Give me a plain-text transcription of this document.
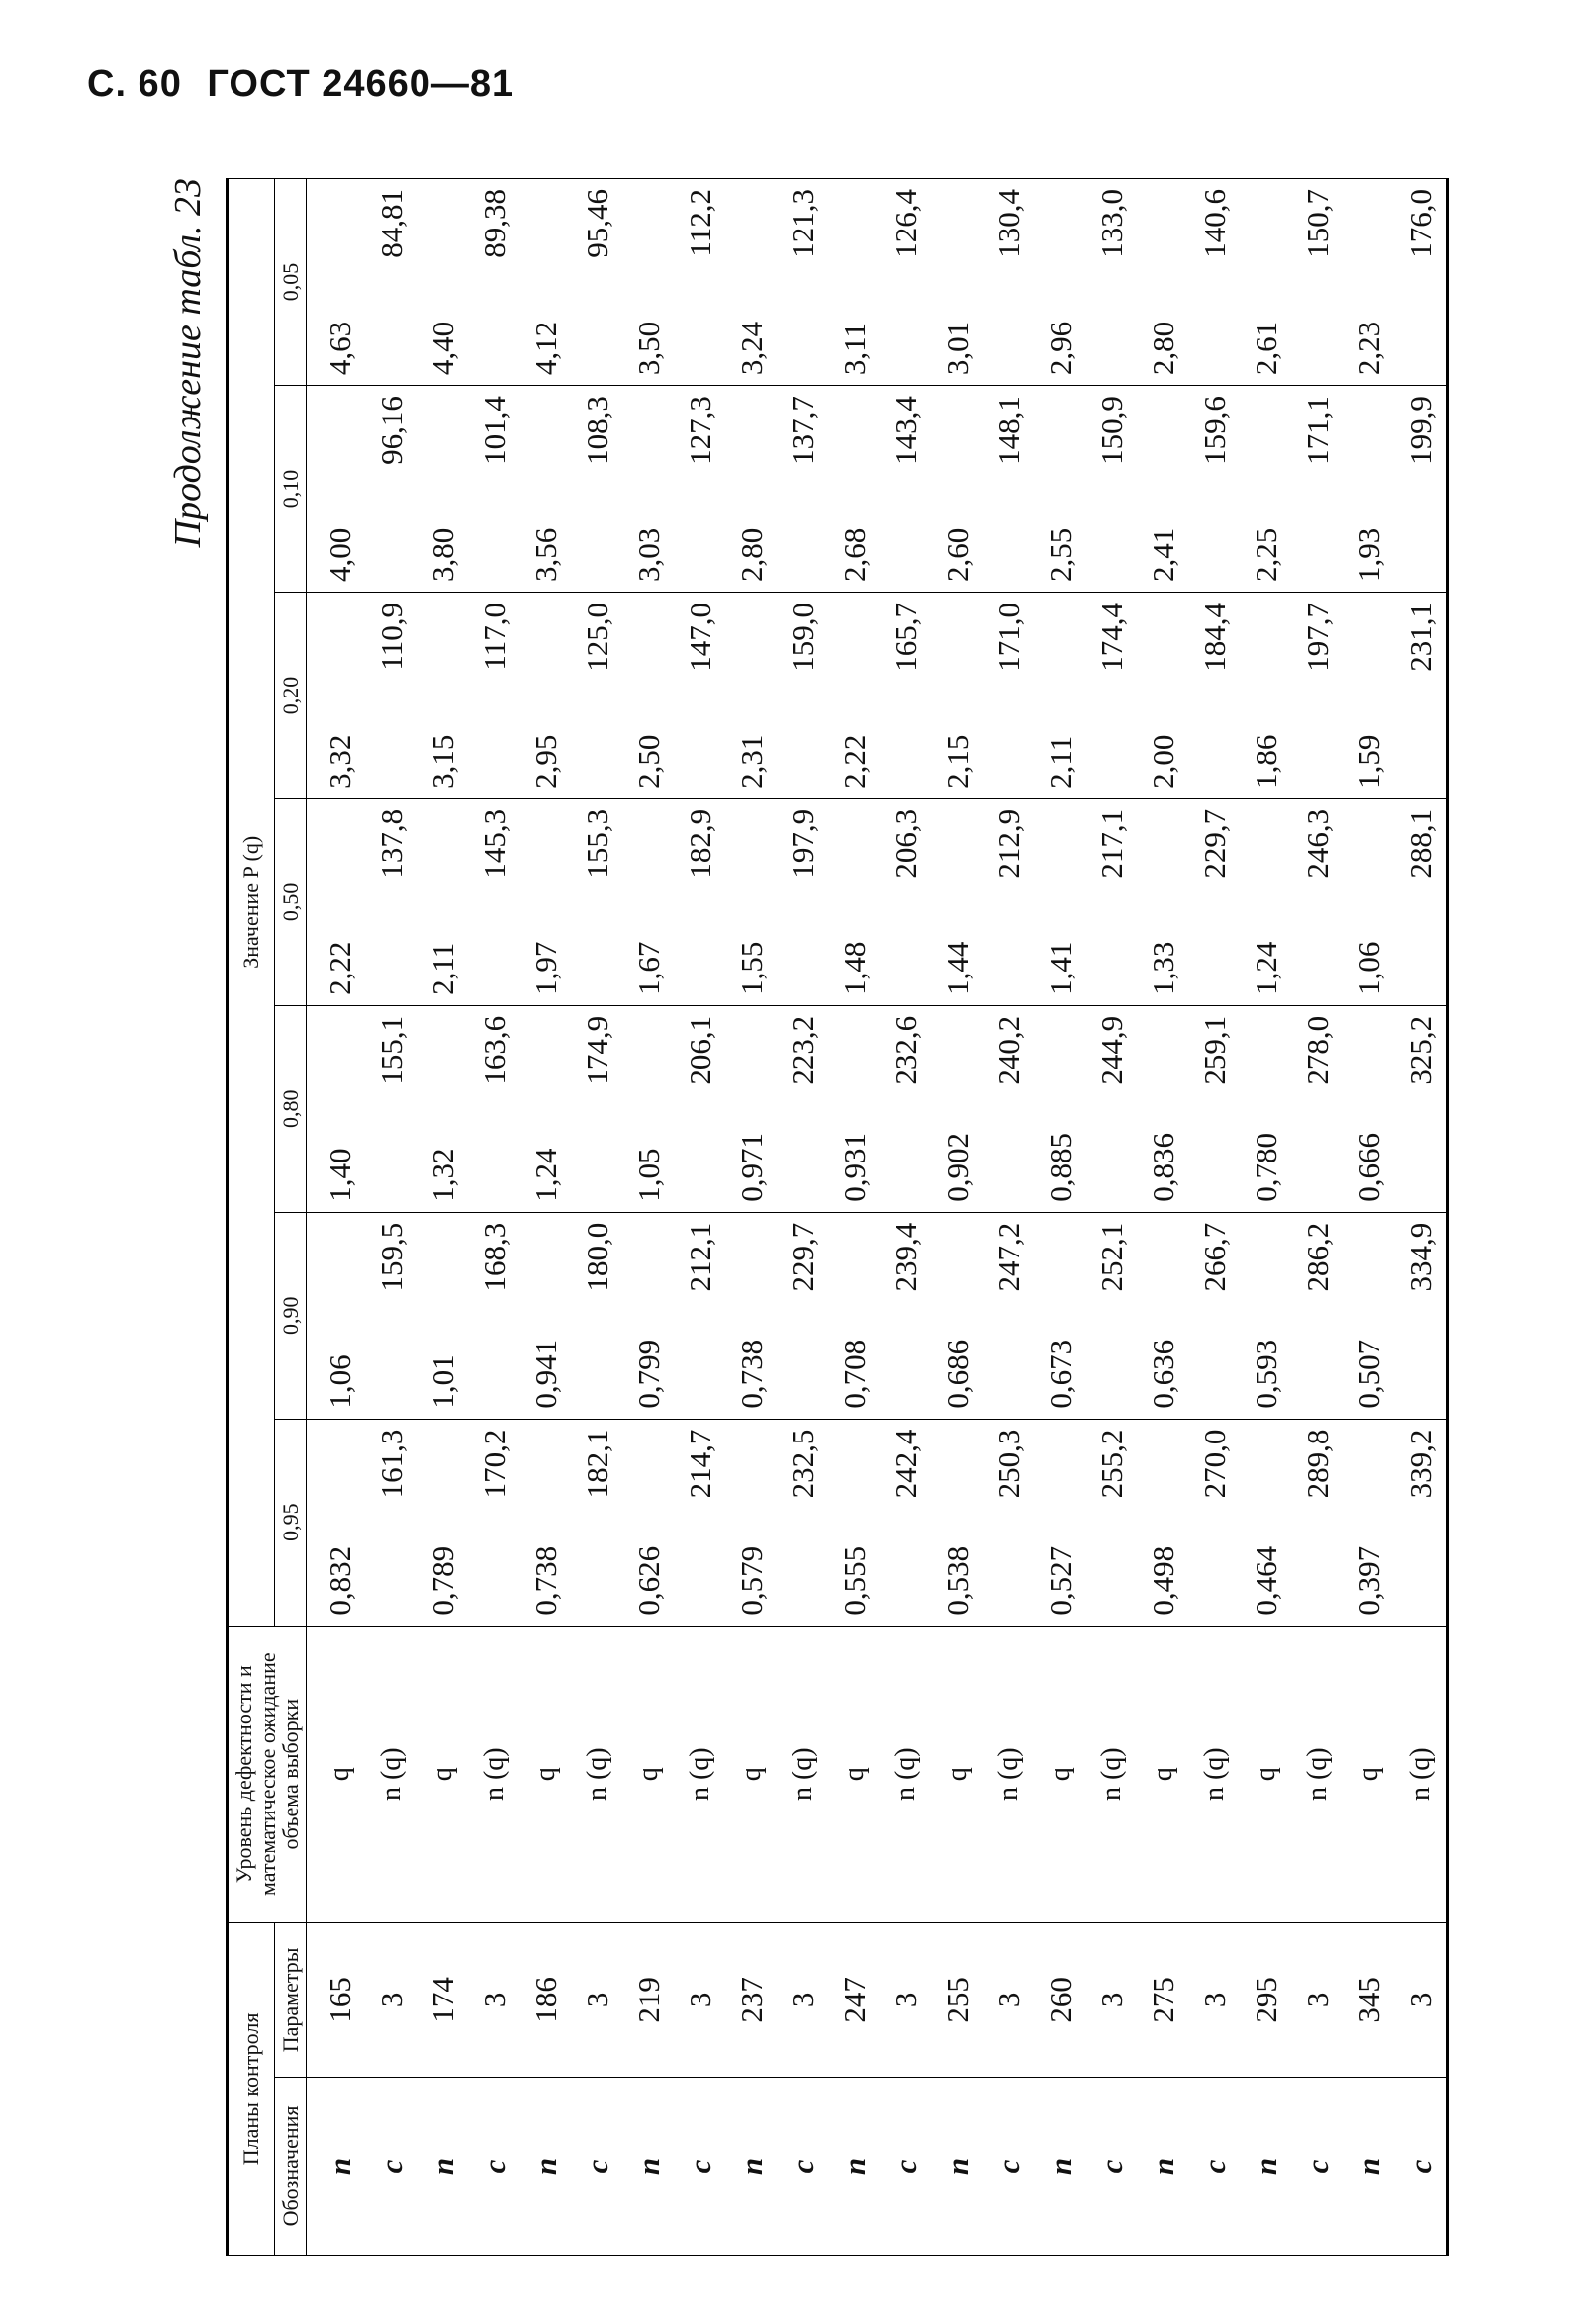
С. 60 ГОСТ 24660—81
Продолжение табл. 23
Планы контроля		Уровень дефектности и математическое ожидание объема выборки	Значение P (q)						
Обозначения	Параметры		0,95	0,90	0,80	0,50	0,20	0,10	0,05
n	165	q	0,832	1,06	1,40	2,22	3,32	4,00	4,63
c	3	n (q)	161,3	159,5	155,1	137,8	110,9	96,16	84,81
n	174	q	0,789	1,01	1,32	2,11	3,15	3,80	4,40
c	3	n (q)	170,2	168,3	163,6	145,3	117,0	101,4	89,38
n	186	q	0,738	0,941	1,24	1,97	2,95	3,56	4,12
c	3	n (q)	182,1	180,0	174,9	155,3	125,0	108,3	95,46
n	219	q	0,626	0,799	1,05	1,67	2,50	3,03	3,50
c	3	n (q)	214,7	212,1	206,1	182,9	147,0	127,3	112,2
n	237	q	0,579	0,738	0,971	1,55	2,31	2,80	3,24
c	3	n (q)	232,5	229,7	223,2	197,9	159,0	137,7	121,3
n	247	q	0,555	0,708	0,931	1,48	2,22	2,68	3,11
c	3	n (q)	242,4	239,4	232,6	206,3	165,7	143,4	126,4
n	255	q	0,538	0,686	0,902	1,44	2,15	2,60	3,01
c	3	n (q)	250,3	247,2	240,2	212,9	171,0	148,1	130,4
n	260	q	0,527	0,673	0,885	1,41	2,11	2,55	2,96
c	3	n (q)	255,2	252,1	244,9	217,1	174,4	150,9	133,0
n	275	q	0,498	0,636	0,836	1,33	2,00	2,41	2,80
c	3	n (q)	270,0	266,7	259,1	229,7	184,4	159,6	140,6
n	295	q	0,464	0,593	0,780	1,24	1,86	2,25	2,61
c	3	n (q)	289,8	286,2	278,0	246,3	197,7	171,1	150,7
n	345	q	0,397	0,507	0,666	1,06	1,59	1,93	2,23
c	3	n (q)	339,2	334,9	325,2	288,1	231,1	199,9	176,0
